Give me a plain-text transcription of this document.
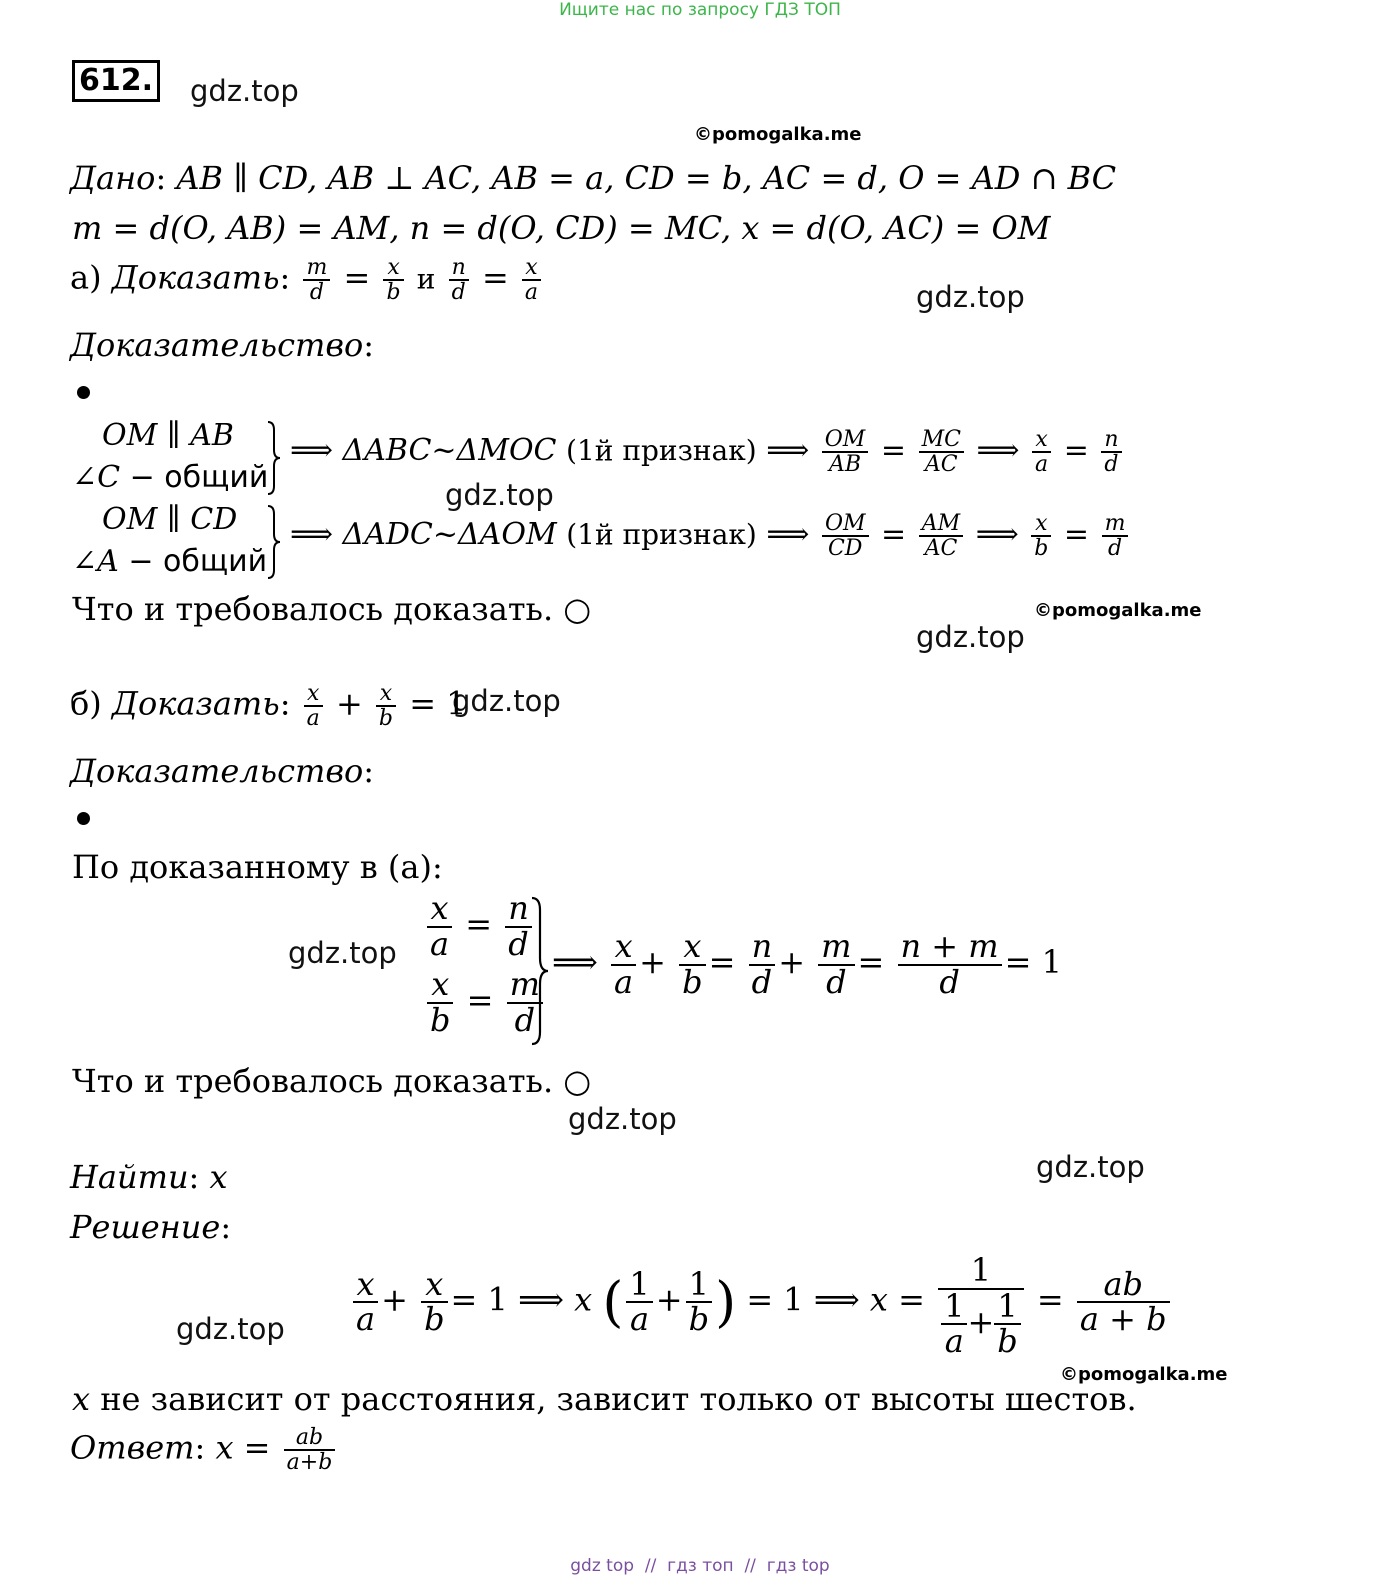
Ищите нас по запросу ГДЗ ТОП
612. gdz.top
gdz.top
gdz.top
gdz.top
gdz.top
gdz.top
gdz.top
gdz.top
gdz.top
©pomogalka.me
©pomogalka.me
©pomogalka.me
Дано: AB ∥ CD, AB ⊥ AC, AB = a, CD = b, AC = d, O = AD ∩ BC
m = d(O, AB) = AM, n = d(O, CD) = MC, x = d(O, AC) = OM
а) Доказать: $\frac{m}{d} = \frac{x}{b}$ и $\frac{n}{d} = \frac{x}{a}$
Доказательство:
OM ∥ AB
∠C − общий
⟹ ΔABC~ΔMOC (1й признак) ⟹ $\frac{OM}{AB} = \frac{MC}{AC}$ ⟹ $\frac{x}{a} = \frac{n}{d}$
OM ∥ CD
∠A − общий
⟹ ΔADC~ΔAOM (1й признак) ⟹ $\frac{OM}{CD} = \frac{AM}{AC}$ ⟹ $\frac{x}{b} = \frac{m}{d}$
Что и требовалось доказать. ○
б) Доказать: $\frac{x}{a} + \frac{x}{b} = 1$
Доказательство:
По доказанному в (а):
$\frac{x}{a} = \frac{n}{d}$
$\frac{x}{b} = \frac{m}{d}$
⟹ $\frac{x}{a} + \frac{x}{b} = \frac{n}{d} + \frac{m}{d} = \frac{n + m}{d} = 1$
Что и требовалось доказать. ○
Найти: x
Решение:
$\frac{x}{a} + \frac{x}{b} = 1$ ⟹ x ( $\frac{1}{a} + \frac{1}{b}$ ) = 1 ⟹ $x = \frac{1}{\frac{1}{a} + \frac{1}{b}} = \frac{ab}{a + b}$
x не зависит от расстояния, зависит только от высоты шестов.
Ответ: $x = \frac{ab}{a+b}$
gdz top  //  гдз топ  //  гдз top
